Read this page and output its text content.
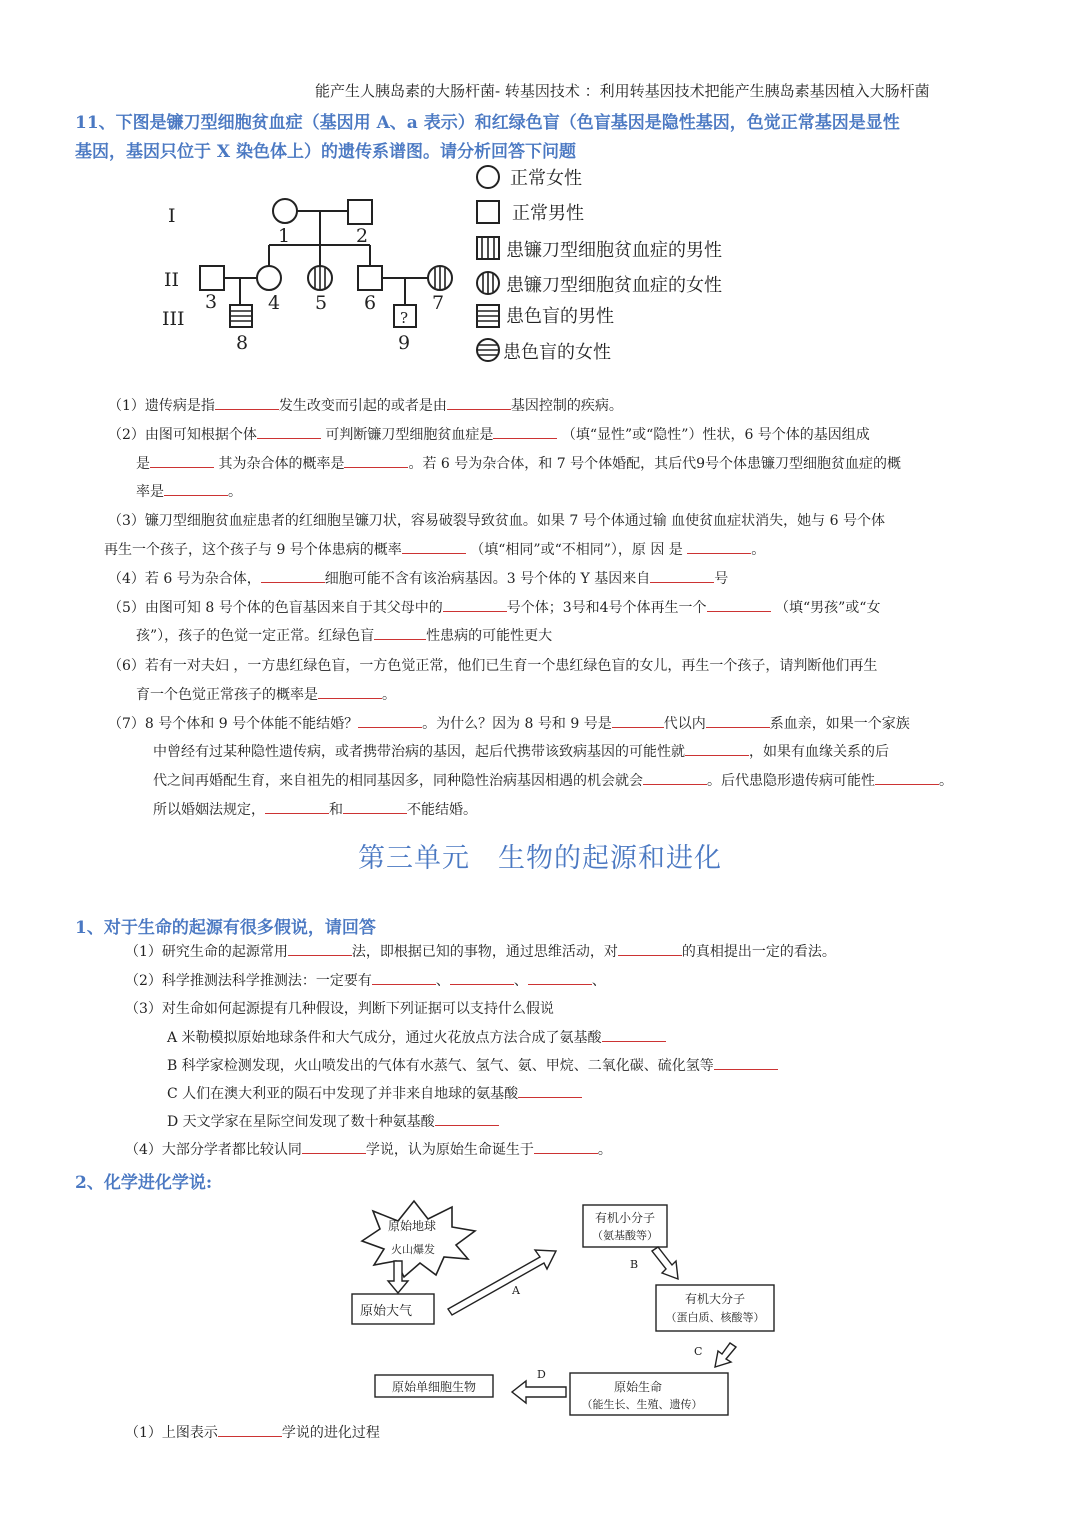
能产生人胰岛素的大肠杆菌- 转基因技术 ：利用转基因技术把能产生胰岛素基因植入大肠杆菌
11、下图是镰刀型细胞贫血症（基因用 A、a 表示）和红绿色盲（色盲基因是隐性基因，色觉正常基因是显性
基因，基因只位于 X 染色体上）的遗传系谱图。请分析回答下问题
I
II
III
1	2
3	4 5 6	7
8	9
?
正常女性
正常男性
患镰刀型细胞贫血症的男性
患镰刀型细胞贫血症的女性
患色盲的男性
患色盲的女性
（1）遗传病是指	发生改变而引起的或者是由	基因控制的疾病。
（2）由图可知根据个体	可判断镰刀型细胞贫血症是	（填“显性”或“隐性”）性状，6 号个体的基因组成
是	其为杂合体的概率是	。若 6 号为杂合体，和 7 号个体婚配，其后代9号个体患镰刀型细胞贫血症的概
率是	。
（3）镰刀型细胞贫血症患者的红细胞呈镰刀状，容易破裂导致贫血。如果 7 号个体通过输 血使贫血症状消失，她与 6 号个体
再生一个孩子，这个孩子与 9 号个体患病的概率	（填“相同”或“不相同”），原 因 是	。
（4）若 6 号为杂合体，	细胞可能不含有该治病基因。3 号个体的 Y 基因来自	号
（5）由图可知 8 号个体的色盲基因来自于其父母中的	号个体；3号和4号个体再生一个	（填“男孩”或“女
孩”），孩子的色觉一定正常。红绿色盲	性患病的可能性更大
（6）若有一对夫妇 ，一方患红绿色盲，一方色觉正常，他们已生育一个患红绿色盲的女儿，再生一个孩子，请判断他们再生
育一个色觉正常孩子的概率是	。
（7）8 号个体和 9 号个体能不能结婚？	。为什么？因为 8 号和 9 号是	代以内	系血亲，如果一个家族
中曾经有过某种隐性遗传病，或者携带治病的基因，起后代携带该致病基因的可能性就	，如果有血缘关系的后
代之间再婚配生育，来自祖先的相同基因多，同种隐性治病基因相遇的机会就会	。后代患隐形遗传病可能性	。
所以婚姻法规定，	和	不能结婚。
第三单元　生物的起源和进化
1、对于生命的起源有很多假说，请回答
（1）研究生命的起源常用	法，即根据已知的事物，通过思维活动，对	的真相提出一定的看法。
（2）科学推测法科学推测法：一定要有	、	、	、
（3）对生命如何起源提有几种假设，判断下列证据可以支持什么假说
A 米勒模拟原始地球条件和大气成分，通过火花放点方法合成了氨基酸
B 科学家检测发现，火山喷发出的气体有水蒸气、氢气、氨、甲烷、二氧化碳、硫化氢等
C 人们在澳大利亚的陨石中发现了并非来自地球的氨基酸
D 天文学家在星际空间发现了数十种氨基酸
（4）大部分学者都比较认同	学说，认为原始生命诞生于	。
2、化学进化学说:
原始地球
火山爆发
原始大气
A
有机小分子
（氨基酸等）
B
有机大分子
（蛋白质、核酸等）
C
原始生命
（能生长、生殖、遗传）
D
原始单细胞生物
（1）上图表示	学说的进化过程
